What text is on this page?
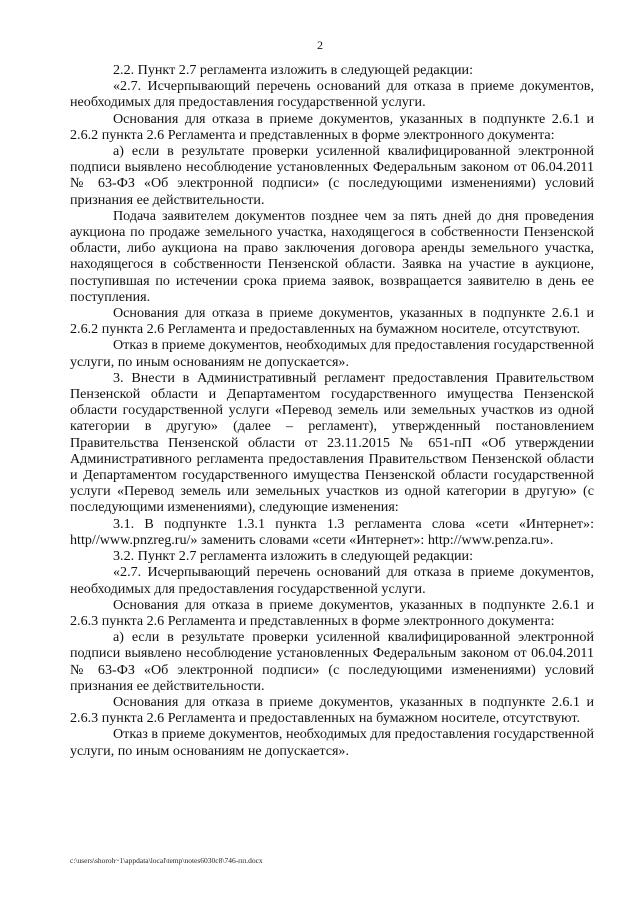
2

2.2. Пункт 2.7 регламента изложить в следующей редакции:

«2.7. Исчерпывающий перечень оснований для отказа в приеме документов, необходимых для предоставления государственной услуги.

Основания для отказа в приеме документов, указанных в подпункте 2.6.1 и 2.6.2 пункта 2.6 Регламента и представленных в форме электронного документа:

а) если в результате проверки усиленной квалифицированной электронной подписи выявлено несоблюдение установленных Федеральным законом от 06.04.2011 № 63-ФЗ «Об электронной подписи» (с последующими изменениями) условий признания ее действительности.

Подача заявителем документов позднее чем за пять дней до дня проведения аукциона по продаже земельного участка, находящегося в собственности Пензенской области, либо аукциона на право заключения договора аренды земельного участка, находящегося в собственности Пензенской области. Заявка на участие в аукционе, поступившая по истечении срока приема заявок, возвращается заявителю в день ее поступления.

Основания для отказа в приеме документов, указанных в подпункте 2.6.1 и 2.6.2 пункта 2.6 Регламента и предоставленных на бумажном носителе, отсутствуют.

Отказ в приеме документов, необходимых для предоставления государственной услуги, по иным основаниям не допускается».

3. Внести в Административный регламент предоставления Правительством Пензенской области и Департаментом государственного имущества Пензенской области государственной услуги «Перевод земель или земельных участков из одной категории в другую» (далее – регламент), утвержденный постановлением Правительства Пензенской области от 23.11.2015 № 651-пП «Об утверждении Административного регламента предоставления Правительством Пензенской области и Департаментом государственного имущества Пензенской области государственной услуги «Перевод земель или земельных участков из одной категории в другую» (с последующими изменениями), следующие изменения:

3.1. В подпункте 1.3.1 пункта 1.3 регламента слова «сети «Интернет»: http//www.pnzreg.ru/» заменить словами «сети «Интернет»: http://www.penza.ru».

3.2. Пункт 2.7 регламента изложить в следующей редакции:

«2.7. Исчерпывающий перечень оснований для отказа в приеме документов, необходимых для предоставления государственной услуги.

Основания для отказа в приеме документов, указанных в подпункте 2.6.1 и 2.6.3 пункта 2.6 Регламента и представленных в форме электронного документа:

а) если в результате проверки усиленной квалифицированной электронной подписи выявлено несоблюдение установленных Федеральным законом от 06.04.2011 № 63-ФЗ «Об электронной подписи» (с последующими изменениями) условий признания ее действительности.

Основания для отказа в приеме документов, указанных в подпункте 2.6.1 и 2.6.3 пункта 2.6 Регламента и предоставленных на бумажном носителе, отсутствуют.

Отказ в приеме документов, необходимых для предоставления государственной услуги, по иным основаниям не допускается».

c:\users\shoroh~1\appdata\local\temp\notes6030c8\746-пп.docx
